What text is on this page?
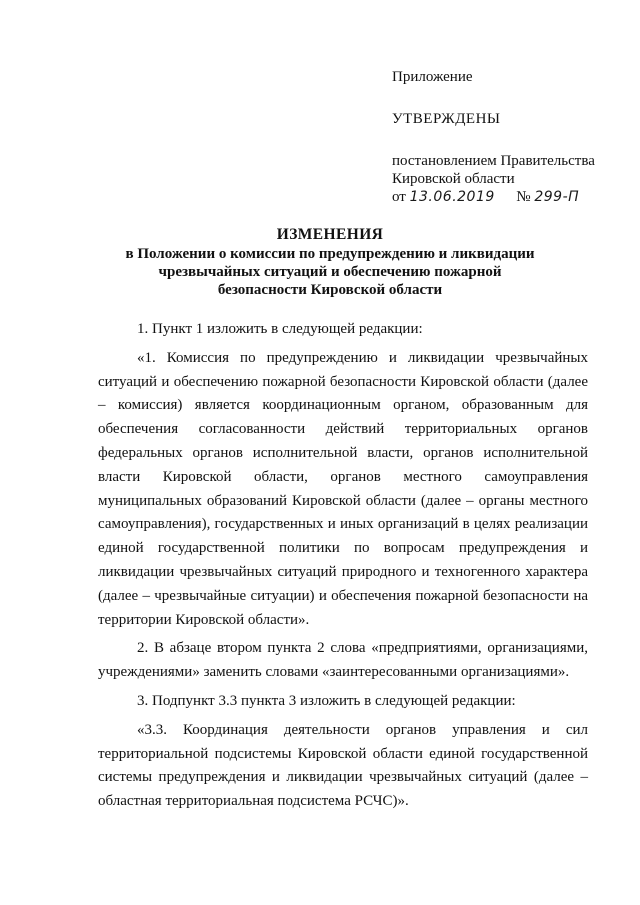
Приложение
УТВЕРЖДЕНЫ
постановлением Правительства
Кировской области
от 13.06.2019 № 299-П
ИЗМЕНЕНИЯ
в Положении о комиссии по предупреждению и ликвидации
чрезвычайных ситуаций и обеспечению пожарной
безопасности Кировской области

1. Пункт 1 изложить в следующей редакции:

«1. Комиссия по предупреждению и ликвидации чрезвычайных ситуаций и обеспечению пожарной безопасности Кировской области (далее – комиссия) является координационным органом, образованным для обеспечения согласованности действий территориальных органов федеральных органов исполнительной власти, органов исполнительной власти Кировской области, органов местного самоуправления муниципальных образований Кировской области (далее – органы местного самоуправления), государственных и иных организаций в целях реализации единой государственной политики по вопросам предупреждения и ликвидации чрезвычайных ситуаций природного и техногенного характера (далее – чрезвычайные ситуации) и обеспечения пожарной безопасности на территории Кировской области».

2. В абзаце втором пункта 2 слова «предприятиями, организациями, учреждениями» заменить словами «заинтересованными организациями».

3. Подпункт 3.3 пункта 3 изложить в следующей редакции:

«3.3. Координация деятельности органов управления и сил территориальной подсистемы Кировской области единой государственной системы предупреждения и ликвидации чрезвычайных ситуаций (далее – областная территориальная подсистема РСЧС)».
